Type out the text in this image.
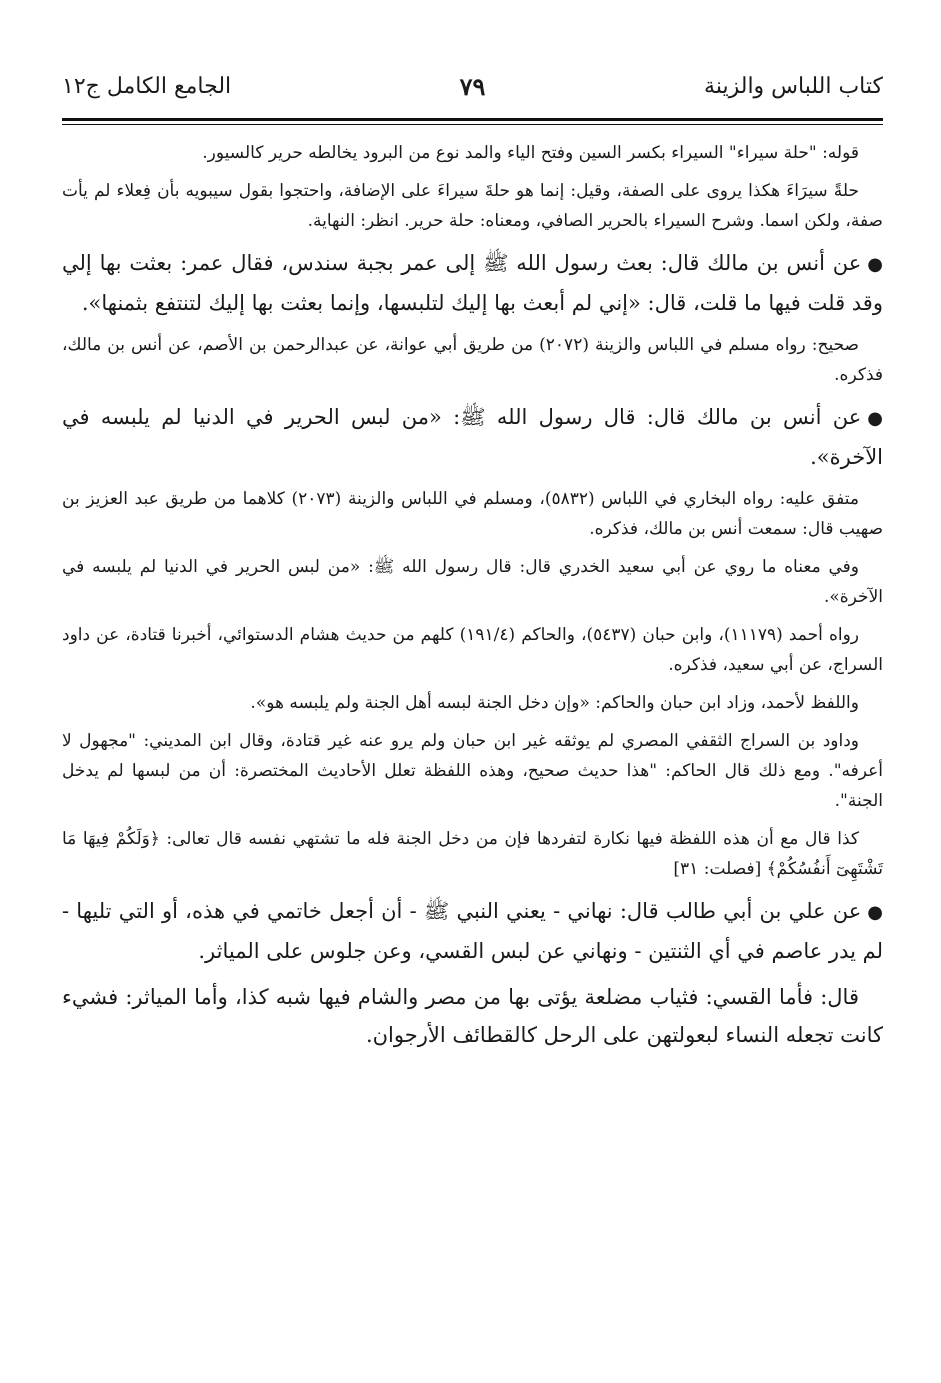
كتاب اللباس والزينة
٧٩
الجامع الكامل ج١٢

قوله: "حلة سيراء" السيراء بكسر السين وفتح الياء والمد نوع من البرود يخالطه حرير كالسيور.

حلةً سيرَاءَ هكذا يروى على الصفة، وقيل: إنما هو حلةَ سيراءَ على الإضافة، واحتجوا بقول سيبويه بأن فِعلاء لم يأت صفة، ولكن اسما. وشرح السيراء بالحرير الصافي، ومعناه: حلة حرير. انظر: النهاية.

●عن أنس بن مالك قال: بعث رسول الله ﷺ إلى عمر بجبة سندس، فقال عمر: بعثت بها إلي وقد قلت فيها ما قلت، قال: «إني لم أبعث بها إليك لتلبسها، وإنما بعثت بها إليك لتنتفع بثمنها».

صحيح: رواه مسلم في اللباس والزينة (٢٠٧٢) من طريق أبي عوانة، عن عبدالرحمن بن الأصم، عن أنس بن مالك، فذكره.

●عن أنس بن مالك قال: قال رسول الله ﷺ: «من لبس الحرير في الدنيا لم يلبسه في الآخرة».

متفق عليه: رواه البخاري في اللباس (٥٨٣٢)، ومسلم في اللباس والزينة (٢٠٧٣) كلاهما من طريق عبد العزيز بن صهيب قال: سمعت أنس بن مالك، فذكره.

وفي معناه ما روي عن أبي سعيد الخدري قال: قال رسول الله ﷺ: «من لبس الحرير في الدنيا لم يلبسه في الآخرة».

رواه أحمد (١١١٧٩)، وابن حبان (٥٤٣٧)، والحاكم (١٩١/٤) كلهم من حديث هشام الدستوائي، أخبرنا قتادة، عن داود السراج، عن أبي سعيد، فذكره.

واللفظ لأحمد، وزاد ابن حبان والحاكم: «وإن دخل الجنة لبسه أهل الجنة ولم يلبسه هو».

وداود بن السراج الثقفي المصري لم يوثقه غير ابن حبان ولم يرو عنه غير قتادة، وقال ابن المديني: "مجهول لا أعرفه". ومع ذلك قال الحاكم: "هذا حديث صحيح، وهذه اللفظة تعلل الأحاديث المختصرة: أن من لبسها لم يدخل الجنة".

كذا قال مع أن هذه اللفظة فيها نكارة لتفردها فإن من دخل الجنة فله ما تشتهي نفسه قال تعالى: ﴿وَلَكُمْ فِيهَا مَا تَشْتَهِىٓ أَنفُسُكُمْ﴾ [فصلت: ٣١]

●عن علي بن أبي طالب قال: نهاني - يعني النبي ﷺ - أن أجعل خاتمي في هذه، أو التي تليها - لم يدر عاصم في أي الثنتين - ونهاني عن لبس القسي، وعن جلوس على المياثر.

قال: فأما القسي: فثياب مضلعة يؤتى بها من مصر والشام فيها شبه كذا، وأما المياثر: فشيء كانت تجعله النساء لبعولتهن على الرحل كالقطائف الأرجوان.
